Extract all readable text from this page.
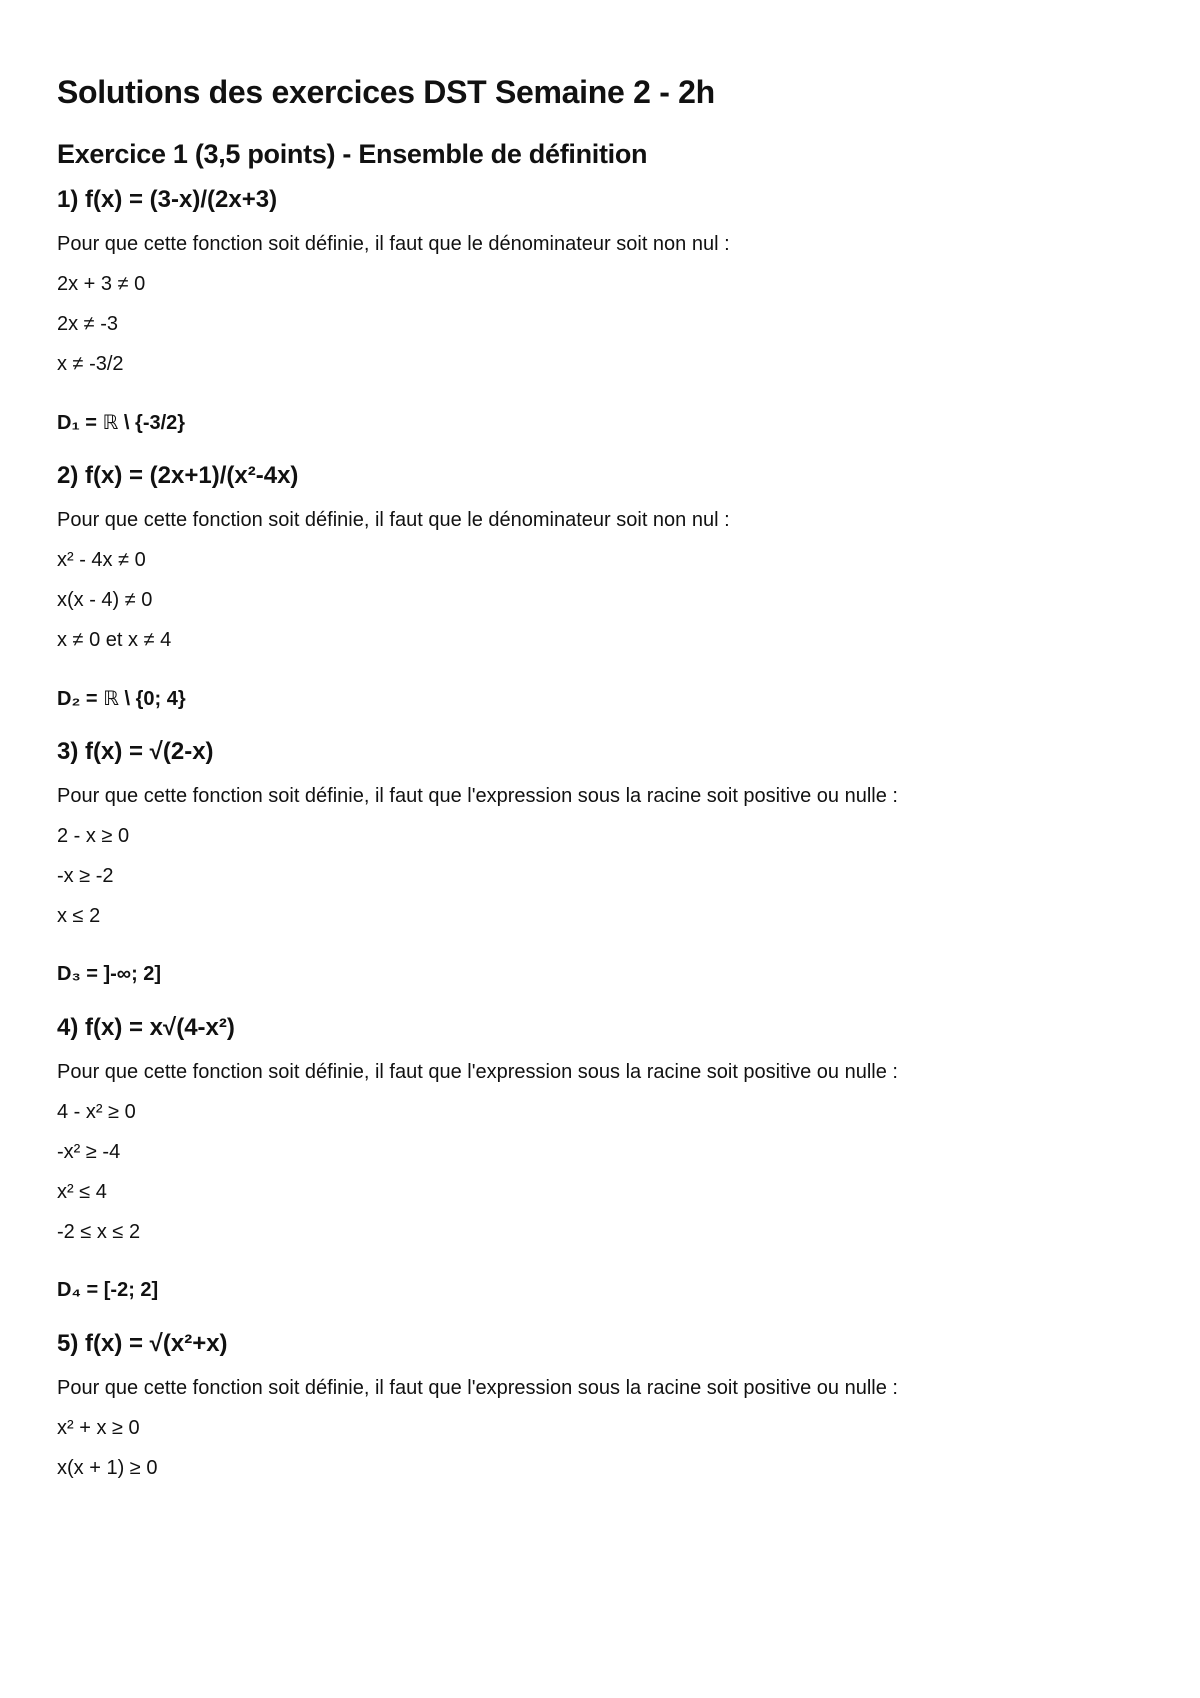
Solutions des exercices DST Semaine 2 - 2h
Exercice 1 (3,5 points) - Ensemble de définition
1) f(x) = (3-x)/(2x+3)

Pour que cette fonction soit définie, il faut que le dénominateur soit non nul :

2x + 3 ≠ 0

2x ≠ -3

x ≠ -3/2

D₁ = ℝ \ {-3/2}

2) f(x) = (2x+1)/(x²-4x)

Pour que cette fonction soit définie, il faut que le dénominateur soit non nul :

x² - 4x ≠ 0

x(x - 4) ≠ 0

x ≠ 0 et x ≠ 4

D₂ = ℝ \ {0; 4}

3) f(x) = √(2-x)

Pour que cette fonction soit définie, il faut que l'expression sous la racine soit positive ou nulle :

2 - x ≥ 0

-x ≥ -2

x ≤ 2

D₃ = ]-∞; 2]

4) f(x) = x√(4-x²)

Pour que cette fonction soit définie, il faut que l'expression sous la racine soit positive ou nulle :

4 - x² ≥ 0

-x² ≥ -4

x² ≤ 4

-2 ≤ x ≤ 2

D₄ = [-2; 2]

5) f(x) = √(x²+x)

Pour que cette fonction soit définie, il faut que l'expression sous la racine soit positive ou nulle :

x² + x ≥ 0

x(x + 1) ≥ 0
